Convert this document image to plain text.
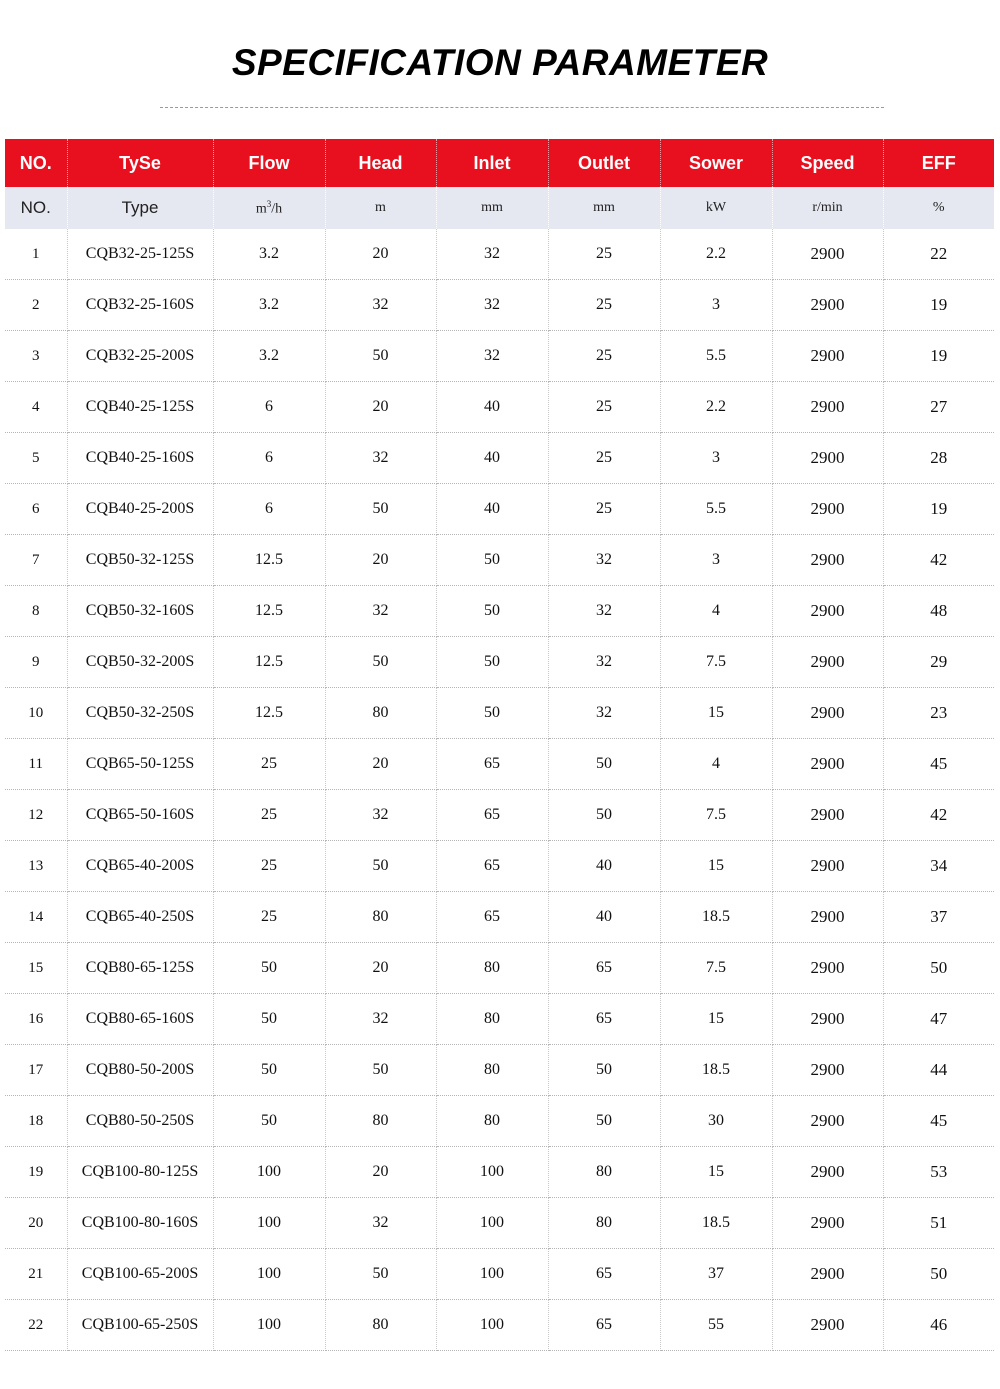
SPECIFICATION PARAMETER
NO.	TySe	Flow	Head	Inlet	Outlet	Sower	Speed	EFF
NO.	Type	$m^3/h$	m	mm	mm	kW	r/min	%
1	CQB32-25-125S	3.2	20	32	25	2.2	2900	22
2	CQB32-25-160S	3.2	32	32	25	3	2900	19
3	CQB32-25-200S	3.2	50	32	25	5.5	2900	19
4	CQB40-25-125S	6	20	40	25	2.2	2900	27
5	CQB40-25-160S	6	32	40	25	3	2900	28
6	CQB40-25-200S	6	50	40	25	5.5	2900	19
7	CQB50-32-125S	12.5	20	50	32	3	2900	42
8	CQB50-32-160S	12.5	32	50	32	4	2900	48
9	CQB50-32-200S	12.5	50	50	32	7.5	2900	29
10	CQB50-32-250S	12.5	80	50	32	15	2900	23
11	CQB65-50-125S	25	20	65	50	4	2900	45
12	CQB65-50-160S	25	32	65	50	7.5	2900	42
13	CQB65-40-200S	25	50	65	40	15	2900	34
14	CQB65-40-250S	25	80	65	40	18.5	2900	37
15	CQB80-65-125S	50	20	80	65	7.5	2900	50
16	CQB80-65-160S	50	32	80	65	15	2900	47
17	CQB80-50-200S	50	50	80	50	18.5	2900	44
18	CQB80-50-250S	50	80	80	50	30	2900	45
19	CQB100-80-125S	100	20	100	80	15	2900	53
20	CQB100-80-160S	100	32	100	80	18.5	2900	51
21	CQB100-65-200S	100	50	100	65	37	2900	50
22	CQB100-65-250S	100	80	100	65	55	2900	46
